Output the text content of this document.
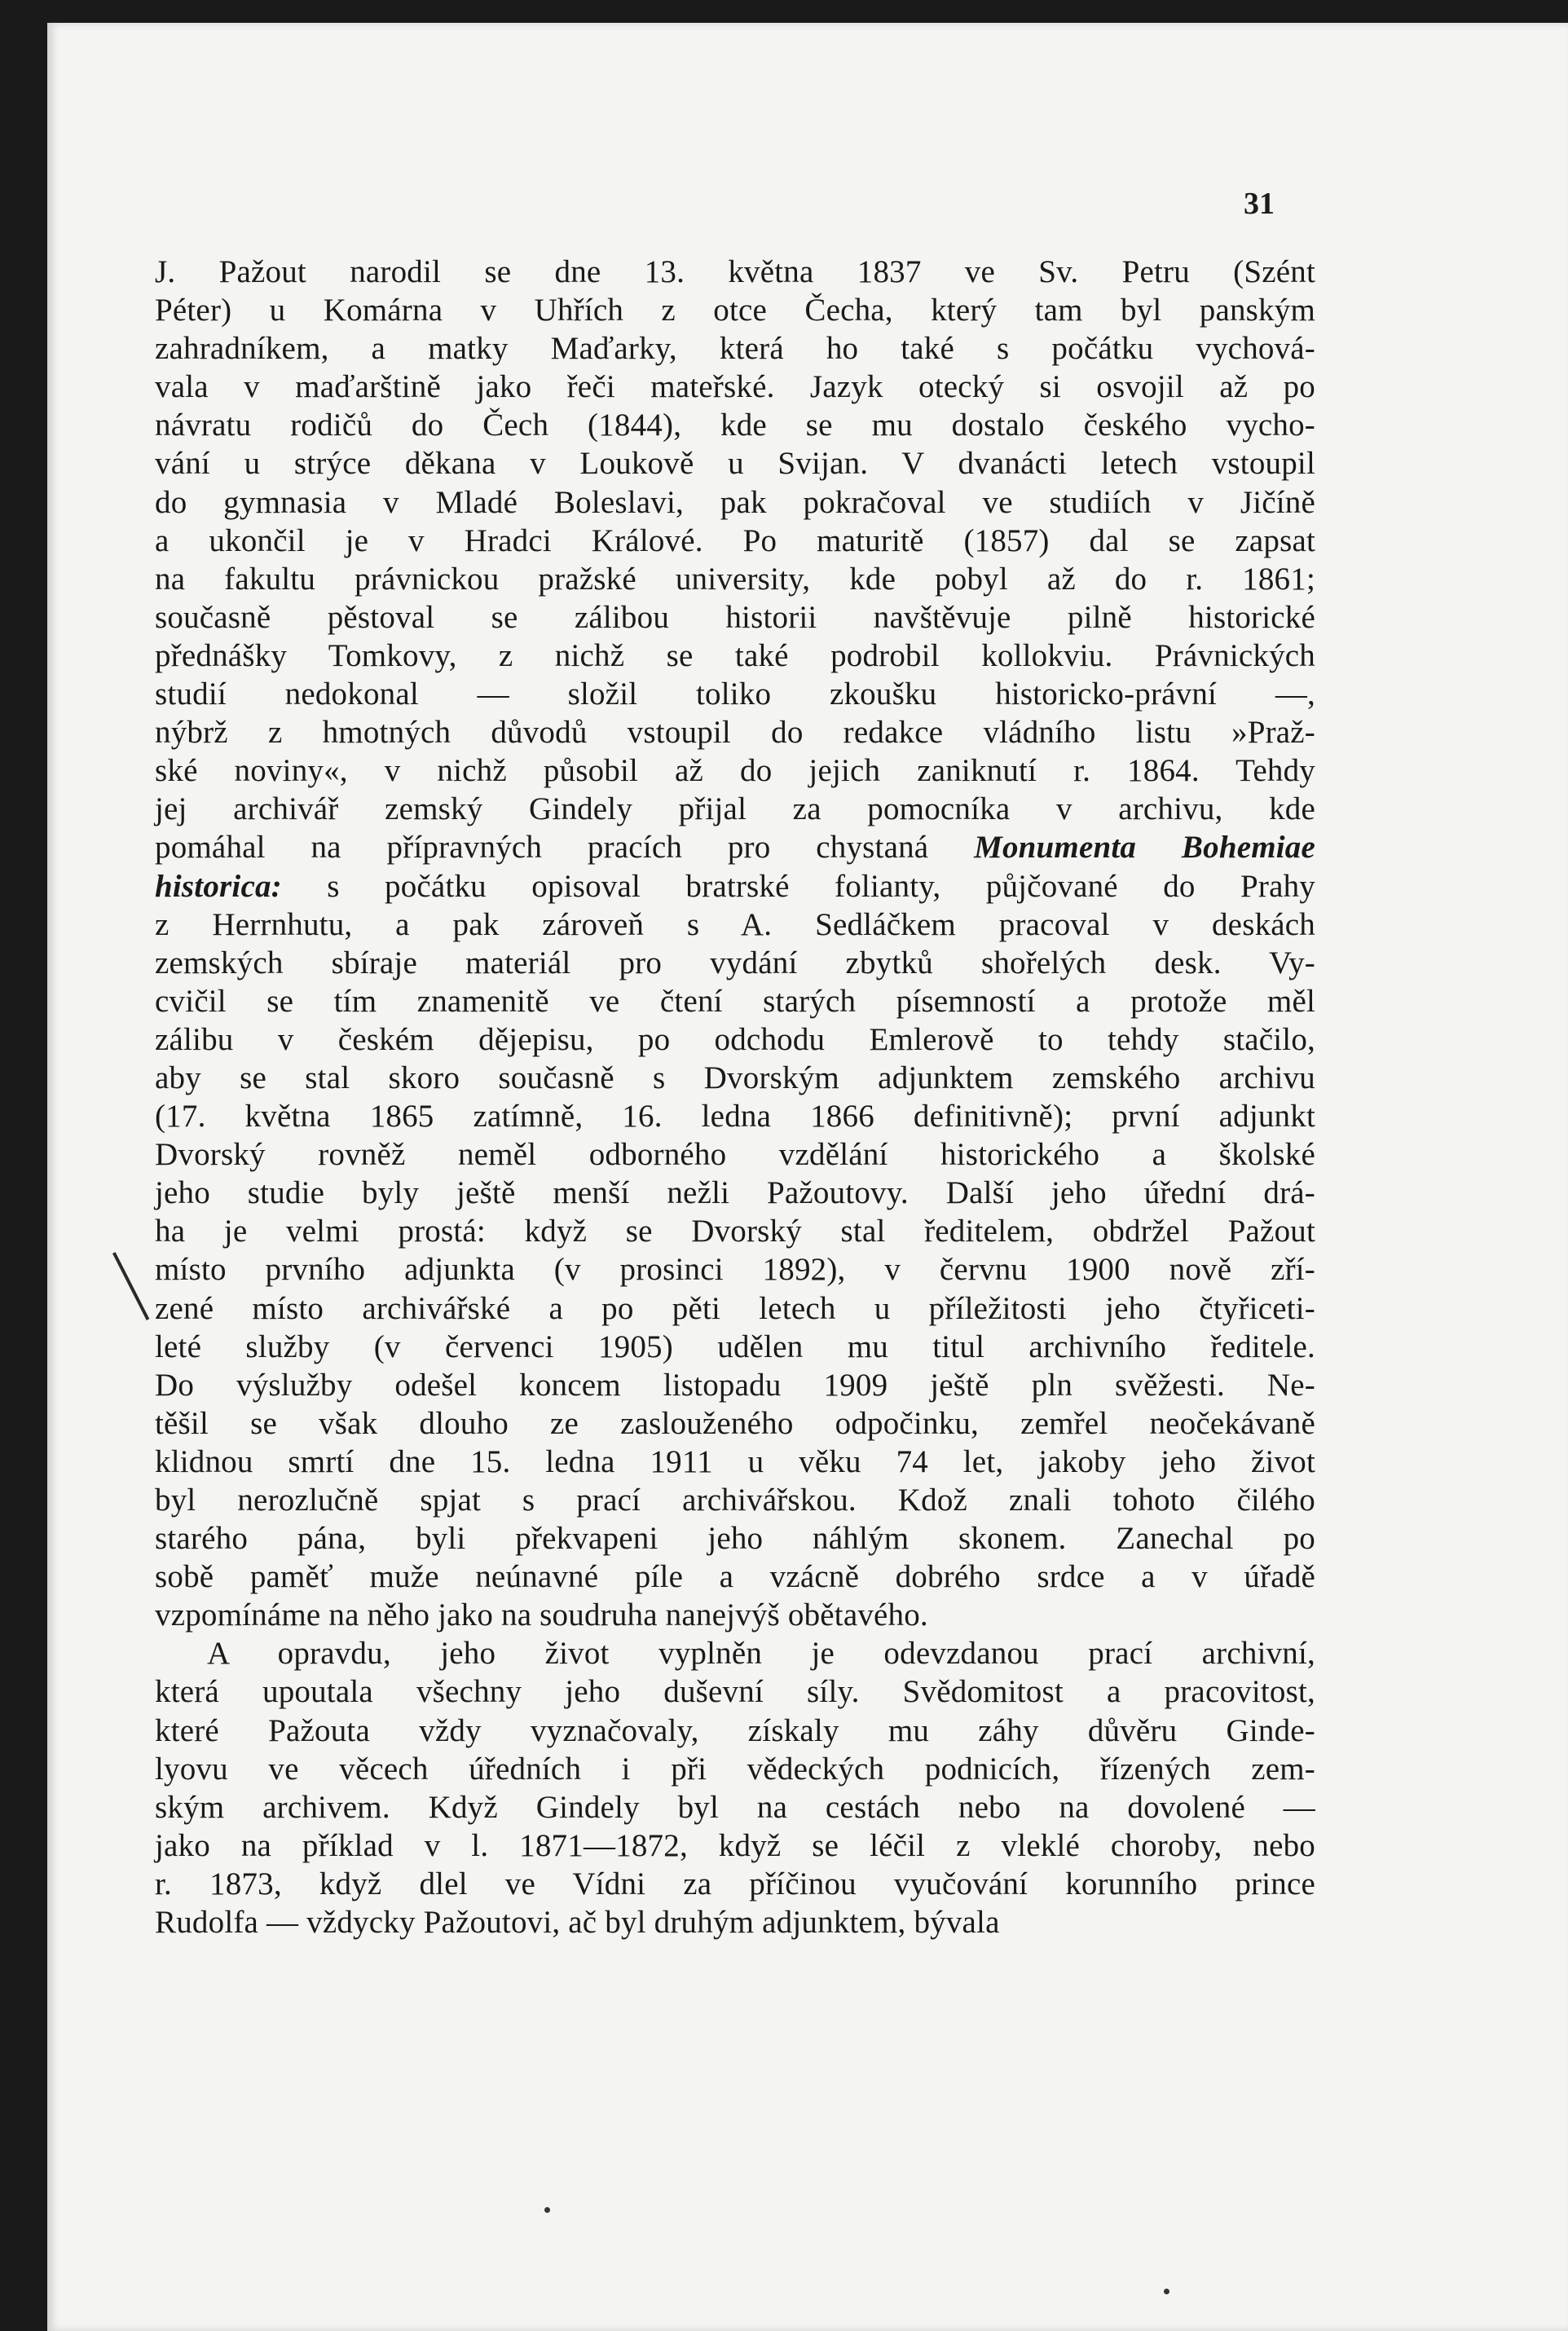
31
J. Pažout narodil se dne 13. května 1837 ve Sv. Petru (Szént
Péter) u Komárna v Uhřích z otce Čecha, který tam byl panským
zahradníkem, a matky Maďarky, která ho také s počátku vychová-
vala v maďarštině jako řeči mateřské. Jazyk otecký si osvojil až po
návratu rodičů do Čech (1844), kde se mu dostalo českého vycho-
vání u strýce děkana v Loukově u Svijan. V dvanácti letech vstoupil
do gymnasia v Mladé Boleslavi, pak pokračoval ve studiích v Jičíně
a ukončil je v Hradci Králové. Po maturitě (1857) dal se zapsat
na fakultu právnickou pražské university, kde pobyl až do r. 1861;
současně pěstoval se zálibou historii navštěvuje pilně historické
přednášky Tomkovy, z nichž se také podrobil kollokviu. Právnických
studií nedokonal — složil toliko zkoušku historicko-právní —,
nýbrž z hmotných důvodů vstoupil do redakce vládního listu »Praž-
ské noviny«, v nichž působil až do jejich zaniknutí r. 1864. Tehdy
jej archivář zemský Gindely přijal za pomocníka v archivu, kde
pomáhal na přípravných pracích pro chystaná Monumenta Bohemiae
historica: s počátku opisoval bratrské folianty, půjčované do Prahy
z Herrnhutu, a pak zároveň s A. Sedláčkem pracoval v deskách
zemských sbíraje materiál pro vydání zbytků shořelých desk. Vy-
cvičil se tím znamenitě ve čtení starých písemností a protože měl
zálibu v českém dějepisu, po odchodu Emlerově to tehdy stačilo,
aby se stal skoro současně s Dvorským adjunktem zemského archivu
(17. května 1865 zatímně, 16. ledna 1866 definitivně); první adjunkt
Dvorský rovněž neměl odborného vzdělání historického a školské
jeho studie byly ještě menší nežli Pažoutovy. Další jeho úřední drá-
ha je velmi prostá: když se Dvorský stal ředitelem, obdržel Pažout
místo prvního adjunkta (v prosinci 1892), v červnu 1900 nově zří-
zené místo archivářské a po pěti letech u příležitosti jeho čtyřiceti-
leté služby (v červenci 1905) udělen mu titul archivního ředitele.
Do výslužby odešel koncem listopadu 1909 ještě pln svěžesti. Ne-
těšil se však dlouho ze zaslouženého odpočinku, zemřel neočekávaně
klidnou smrtí dne 15. ledna 1911 u věku 74 let, jakoby jeho život
byl nerozlučně spjat s prací archivářskou. Kdož znali tohoto čilého
starého pána, byli překvapeni jeho náhlým skonem. Zanechal po
sobě paměť muže neúnavné píle a vzácně dobrého srdce a v úřadě
vzpomínáme na něho jako na soudruha nanejvýš obětavého.
A opravdu, jeho život vyplněn je odevzdanou prací archivní,
která upoutala všechny jeho duševní síly. Svědomitost a pracovitost,
které Pažouta vždy vyznačovaly, získaly mu záhy důvěru Ginde-
lyovu ve věcech úředních i při vědeckých podnicích, řízených zem-
ským archivem. Když Gindely byl na cestách nebo na dovolené —
jako na příklad v l. 1871—1872, když se léčil z vleklé choroby, nebo
r. 1873, když dlel ve Vídni za příčinou vyučování korunního prince
Rudolfa — vždycky Pažoutovi, ač byl druhým adjunktem, bývala
